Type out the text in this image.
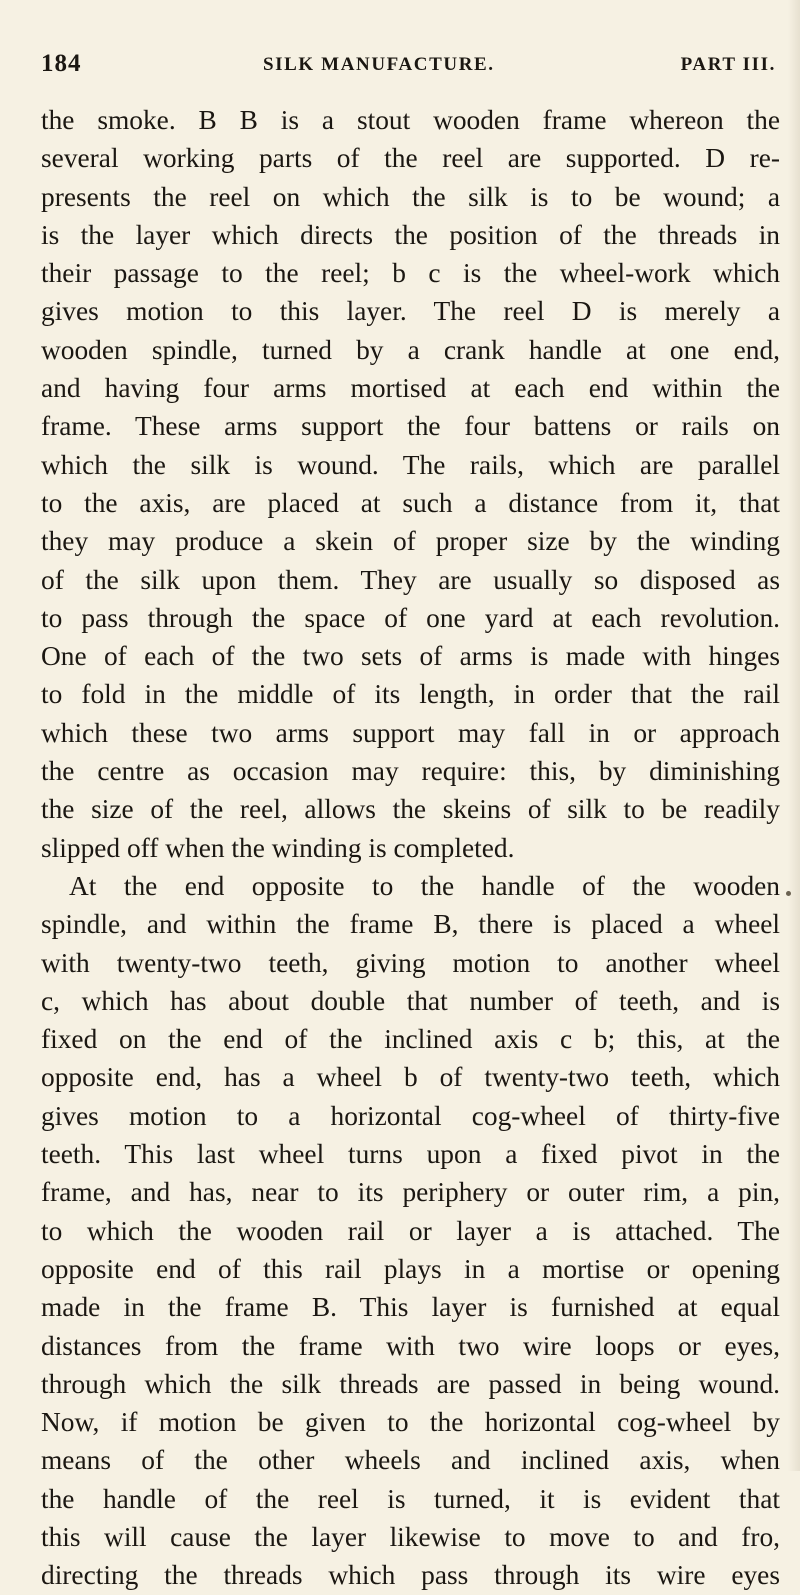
184	SILK MANUFACTURE.	PART III.
the smoke. B B is a stout wooden frame whereon the
several working parts of the reel are supported. D re-
presents the reel on which the silk is to be wound; a
is the layer which directs the position of the threads in
their passage to the reel; b c is the wheel-work which
gives motion to this layer. The reel D is merely a
wooden spindle, turned by a crank handle at one end,
and having four arms mortised at each end within the
frame. These arms support the four battens or rails on
which the silk is wound. The rails, which are parallel
to the axis, are placed at such a distance from it, that
they may produce a skein of proper size by the winding
of the silk upon them. They are usually so disposed as
to pass through the space of one yard at each revolution.
One of each of the two sets of arms is made with hinges
to fold in the middle of its length, in order that the rail
which these two arms support may fall in or approach
the centre as occasion may require: this, by diminishing
the size of the reel, allows the skeins of silk to be readily
slipped off when the winding is completed.
At the end opposite to the handle of the wooden
spindle, and within the frame B, there is placed a wheel
with twenty-two teeth, giving motion to another wheel
c, which has about double that number of teeth, and is
fixed on the end of the inclined axis c b; this, at the
opposite end, has a wheel b of twenty-two teeth, which
gives motion to a horizontal cog-wheel of thirty-five
teeth. This last wheel turns upon a fixed pivot in the
frame, and has, near to its periphery or outer rim, a pin,
to which the wooden rail or layer a is attached. The
opposite end of this rail plays in a mortise or opening
made in the frame B. This layer is furnished at equal
distances from the frame with two wire loops or eyes,
through which the silk threads are passed in being wound.
Now, if motion be given to the horizontal cog-wheel by
means of the other wheels and inclined axis, when
the handle of the reel is turned, it is evident that
this will cause the layer likewise to move to and fro,
directing the threads which pass through its wire eyes
